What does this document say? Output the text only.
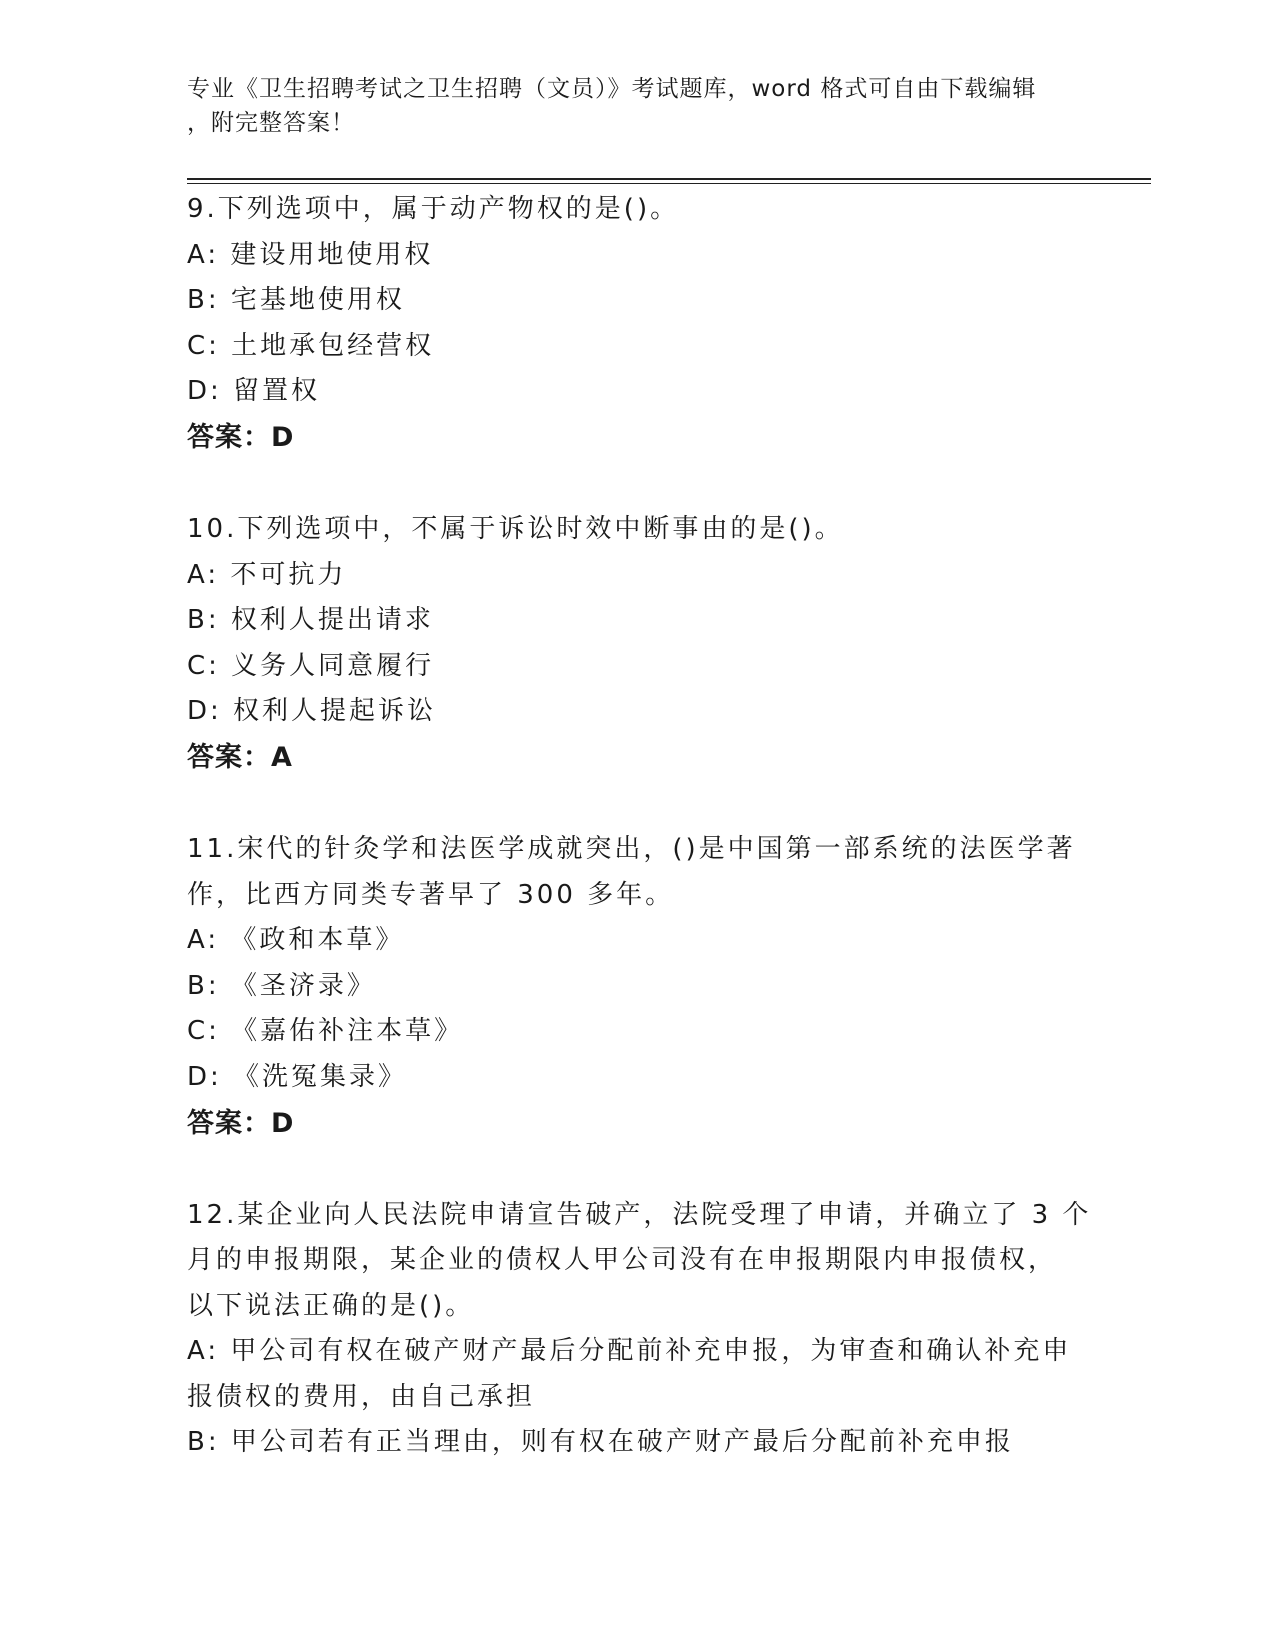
专业《卫生招聘考试之卫生招聘（文员）》考试题库，word 格式可自由下载编辑
，附完整答案！
9.下列选项中，属于动产物权的是()。
A: 建设用地使用权
B: 宅基地使用权
C: 土地承包经营权
D: 留置权
答案：D
10.下列选项中，不属于诉讼时效中断事由的是()。
A: 不可抗力
B: 权利人提出请求
C: 义务人同意履行
D: 权利人提起诉讼
答案：A
11.宋代的针灸学和法医学成就突出，()是中国第一部系统的法医学著
作，比西方同类专著早了 300 多年。
A: 《政和本草》
B: 《圣济录》
C: 《嘉佑补注本草》
D: 《洗冤集录》
答案：D
12.某企业向人民法院申请宣告破产，法院受理了申请，并确立了 3 个
月的申报期限，某企业的债权人甲公司没有在申报期限内申报债权，
以下说法正确的是()。
A: 甲公司有权在破产财产最后分配前补充申报，为审查和确认补充申
报债权的费用，由自己承担
B: 甲公司若有正当理由，则有权在破产财产最后分配前补充申报
